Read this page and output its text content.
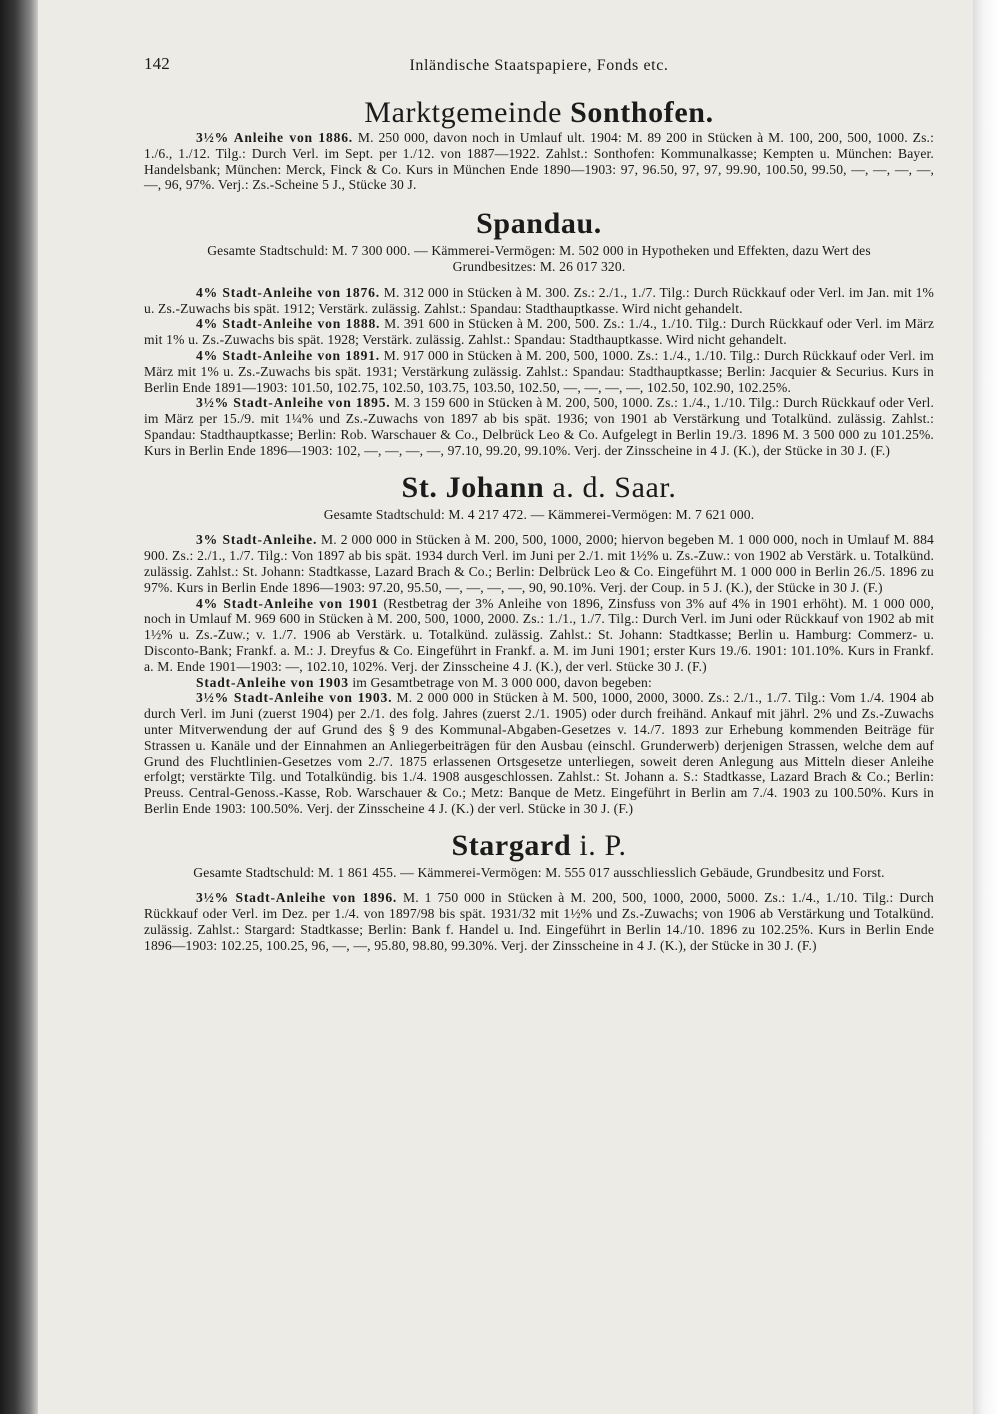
142	Inländische Staatspapiere, Fonds etc.
Marktgemeinde Sonthofen.

3½% Anleihe von 1886. M. 250 000, davon noch in Umlauf ult. 1904: M. 89 200 in Stücken à M. 100, 200, 500, 1000. Zs.: 1./6., 1./12. Tilg.: Durch Verl. im Sept. per 1./12. von 1887—1922. Zahlst.: Sonthofen: Kommunalkasse; Kempten u. München: Bayer. Handelsbank; München: Merck, Finck & Co. Kurs in München Ende 1890—1903: 97, 96.50, 97, 97, 99.90, 100.50, 99.50, —, —, —, —, —, 96, 97%. Verj.: Zs.-Scheine 5 J., Stücke 30 J.

Spandau.
Gesamte Stadtschuld: M. 7 300 000. — Kämmerei-Vermögen: M. 502 000 in Hypotheken und Effekten, dazu Wert des Grundbesitzes: M. 26 017 320.

4% Stadt-Anleihe von 1876. M. 312 000 in Stücken à M. 300. Zs.: 2./1., 1./7. Tilg.: Durch Rückkauf oder Verl. im Jan. mit 1% u. Zs.-Zuwachs bis spät. 1912; Verstärk. zulässig. Zahlst.: Spandau: Stadthauptkasse. Wird nicht gehandelt.

4% Stadt-Anleihe von 1888. M. 391 600 in Stücken à M. 200, 500. Zs.: 1./4., 1./10. Tilg.: Durch Rückkauf oder Verl. im März mit 1% u. Zs.-Zuwachs bis spät. 1928; Verstärk. zulässig. Zahlst.: Spandau: Stadthauptkasse. Wird nicht gehandelt.

4% Stadt-Anleihe von 1891. M. 917 000 in Stücken à M. 200, 500, 1000. Zs.: 1./4., 1./10. Tilg.: Durch Rückkauf oder Verl. im März mit 1% u. Zs.-Zuwachs bis spät. 1931; Verstärkung zulässig. Zahlst.: Spandau: Stadthauptkasse; Berlin: Jacquier & Securius. Kurs in Berlin Ende 1891—1903: 101.50, 102.75, 102.50, 103.75, 103.50, 102.50, —, —, —, —, 102.50, 102.90, 102.25%.

3½% Stadt-Anleihe von 1895. M. 3 159 600 in Stücken à M. 200, 500, 1000. Zs.: 1./4., 1./10. Tilg.: Durch Rückkauf oder Verl. im März per 15./9. mit 1¼% und Zs.-Zuwachs von 1897 ab bis spät. 1936; von 1901 ab Verstärkung und Totalkünd. zulässig. Zahlst.: Spandau: Stadthauptkasse; Berlin: Rob. Warschauer & Co., Delbrück Leo & Co. Aufgelegt in Berlin 19./3. 1896 M. 3 500 000 zu 101.25%. Kurs in Berlin Ende 1896—1903: 102, —, —, —, —, 97.10, 99.20, 99.10%. Verj. der Zinsscheine in 4 J. (K.), der Stücke in 30 J. (F.)

St. Johann a. d. Saar.
Gesamte Stadtschuld: M. 4 217 472. — Kämmerei-Vermögen: M. 7 621 000.

3% Stadt-Anleihe. M. 2 000 000 in Stücken à M. 200, 500, 1000, 2000; hiervon begeben M. 1 000 000, noch in Umlauf M. 884 900. Zs.: 2./1., 1./7. Tilg.: Von 1897 ab bis spät. 1934 durch Verl. im Juni per 2./1. mit 1½% u. Zs.-Zuw.: von 1902 ab Verstärk. u. Totalkünd. zulässig. Zahlst.: St. Johann: Stadtkasse, Lazard Brach & Co.; Berlin: Delbrück Leo & Co. Eingeführt M. 1 000 000 in Berlin 26./5. 1896 zu 97%. Kurs in Berlin Ende 1896—1903: 97.20, 95.50, —, —, —, —, 90, 90.10%. Verj. der Coup. in 5 J. (K.), der Stücke in 30 J. (F.)

4% Stadt-Anleihe von 1901 (Restbetrag der 3% Anleihe von 1896, Zinsfuss von 3% auf 4% in 1901 erhöht). M. 1 000 000, noch in Umlauf M. 969 600 in Stücken à M. 200, 500, 1000, 2000. Zs.: 1./1., 1./7. Tilg.: Durch Verl. im Juni oder Rückkauf von 1902 ab mit 1½% u. Zs.-Zuw.; v. 1./7. 1906 ab Verstärk. u. Totalkünd. zulässig. Zahlst.: St. Johann: Stadtkasse; Berlin u. Hamburg: Commerz- u. Disconto-Bank; Frankf. a. M.: J. Dreyfus & Co. Eingeführt in Frankf. a. M. im Juni 1901; erster Kurs 19./6. 1901: 101.10%. Kurs in Frankf. a. M. Ende 1901—1903: —, 102.10, 102%. Verj. der Zinsscheine 4 J. (K.), der verl. Stücke 30 J. (F.)

Stadt-Anleihe von 1903 im Gesamtbetrage von M. 3 000 000, davon begeben:

3½% Stadt-Anleihe von 1903. M. 2 000 000 in Stücken à M. 500, 1000, 2000, 3000. Zs.: 2./1., 1./7. Tilg.: Vom 1./4. 1904 ab durch Verl. im Juni (zuerst 1904) per 2./1. des folg. Jahres (zuerst 2./1. 1905) oder durch freihänd. Ankauf mit jährl. 2% und Zs.-Zuwachs unter Mitverwendung der auf Grund des § 9 des Kommunal-Abgaben-Gesetzes v. 14./7. 1893 zur Erhebung kommenden Beiträge für Strassen u. Kanäle und der Einnahmen an Anliegerbeiträgen für den Ausbau (einschl. Grunderwerb) derjenigen Strassen, welche dem auf Grund des Fluchtlinien-Gesetzes vom 2./7. 1875 erlassenen Ortsgesetze unterliegen, soweit deren Anlegung aus Mitteln dieser Anleihe erfolgt; verstärkte Tilg. und Totalkündig. bis 1./4. 1908 ausgeschlossen. Zahlst.: St. Johann a. S.: Stadtkasse, Lazard Brach & Co.; Berlin: Preuss. Central-Genoss.-Kasse, Rob. Warschauer & Co.; Metz: Banque de Metz. Eingeführt in Berlin am 7./4. 1903 zu 100.50%. Kurs in Berlin Ende 1903: 100.50%. Verj. der Zinsscheine 4 J. (K.) der verl. Stücke in 30 J. (F.)

Stargard i. P.
Gesamte Stadtschuld: M. 1 861 455. — Kämmerei-Vermögen: M. 555 017 ausschliesslich Gebäude, Grundbesitz und Forst.

3½% Stadt-Anleihe von 1896. M. 1 750 000 in Stücken à M. 200, 500, 1000, 2000, 5000. Zs.: 1./4., 1./10. Tilg.: Durch Rückkauf oder Verl. im Dez. per 1./4. von 1897/98 bis spät. 1931/32 mit 1½% und Zs.-Zuwachs; von 1906 ab Verstärkung und Totalkünd. zulässig. Zahlst.: Stargard: Stadtkasse; Berlin: Bank f. Handel u. Ind. Eingeführt in Berlin 14./10. 1896 zu 102.25%. Kurs in Berlin Ende 1896—1903: 102.25, 100.25, 96, —, —, 95.80, 98.80, 99.30%. Verj. der Zinsscheine in 4 J. (K.), der Stücke in 30 J. (F.)
